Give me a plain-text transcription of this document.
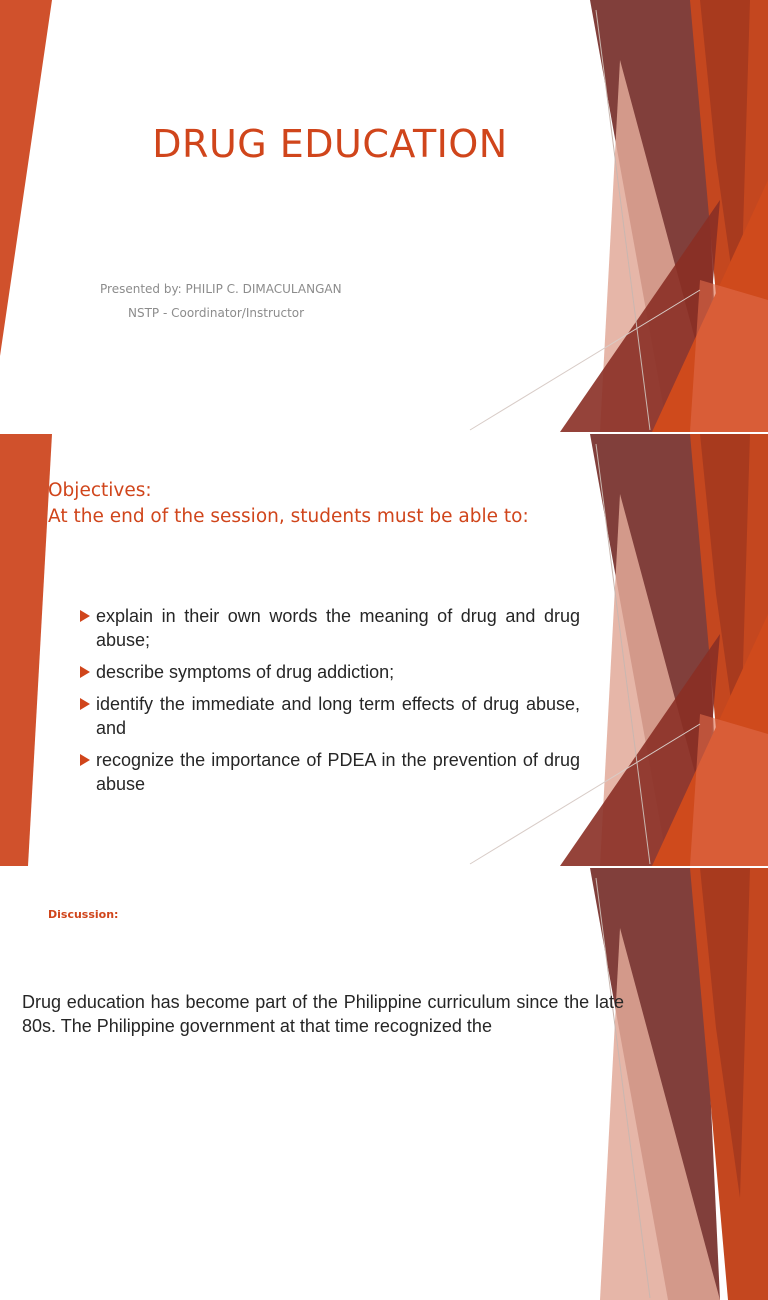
DRUG EDUCATION

Presented by: PHILIP C. DIMACULANGAN

NSTP - Coordinator/Instructor

Objectives:
At the end of the session, students must be able to:
explain in their own words the meaning of drug and drug abuse;
describe symptoms of drug addiction;
identify the immediate and long term effects of drug abuse, and
recognize the importance of PDEA in the prevention of drug abuse

Discussion:

Drug education has become part of the Philippine curriculum since the late 80s. The Philippine government at that time recognized the
